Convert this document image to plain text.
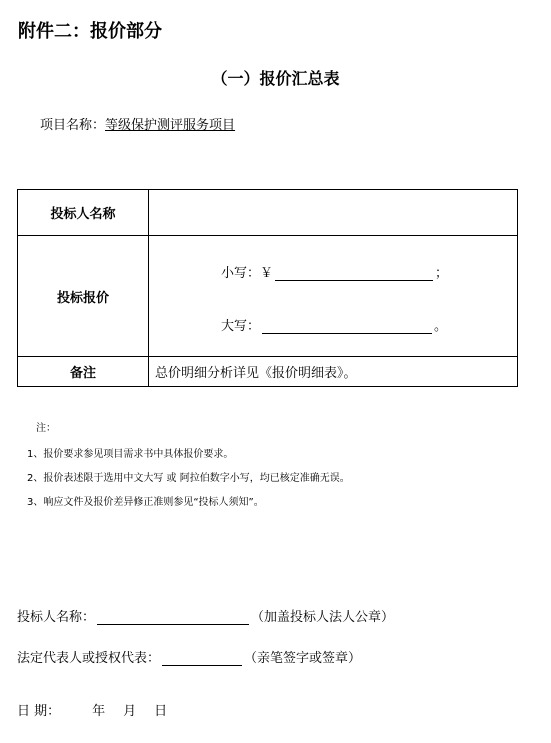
附件二：报价部分
（一）报价汇总表
项目名称：等级保护测评服务项目
投标人名称	
投标报价	小写：￥ ；
大写： 。

备注	总价明细分析详见《报价明细表》。
注：
1、报价要求参见项目需求书中具体报价要求。
2、报价表述限于选用中文大写 或 阿拉伯数字小写，均已核定准确无误。
3、响应文件及报价差异修正准则参见“投标人须知”。
投标人名称：	（加盖投标人法人公章）
法定代表人或授权代表：	（亲笔签字或签章）
日 期： 年 月 日
